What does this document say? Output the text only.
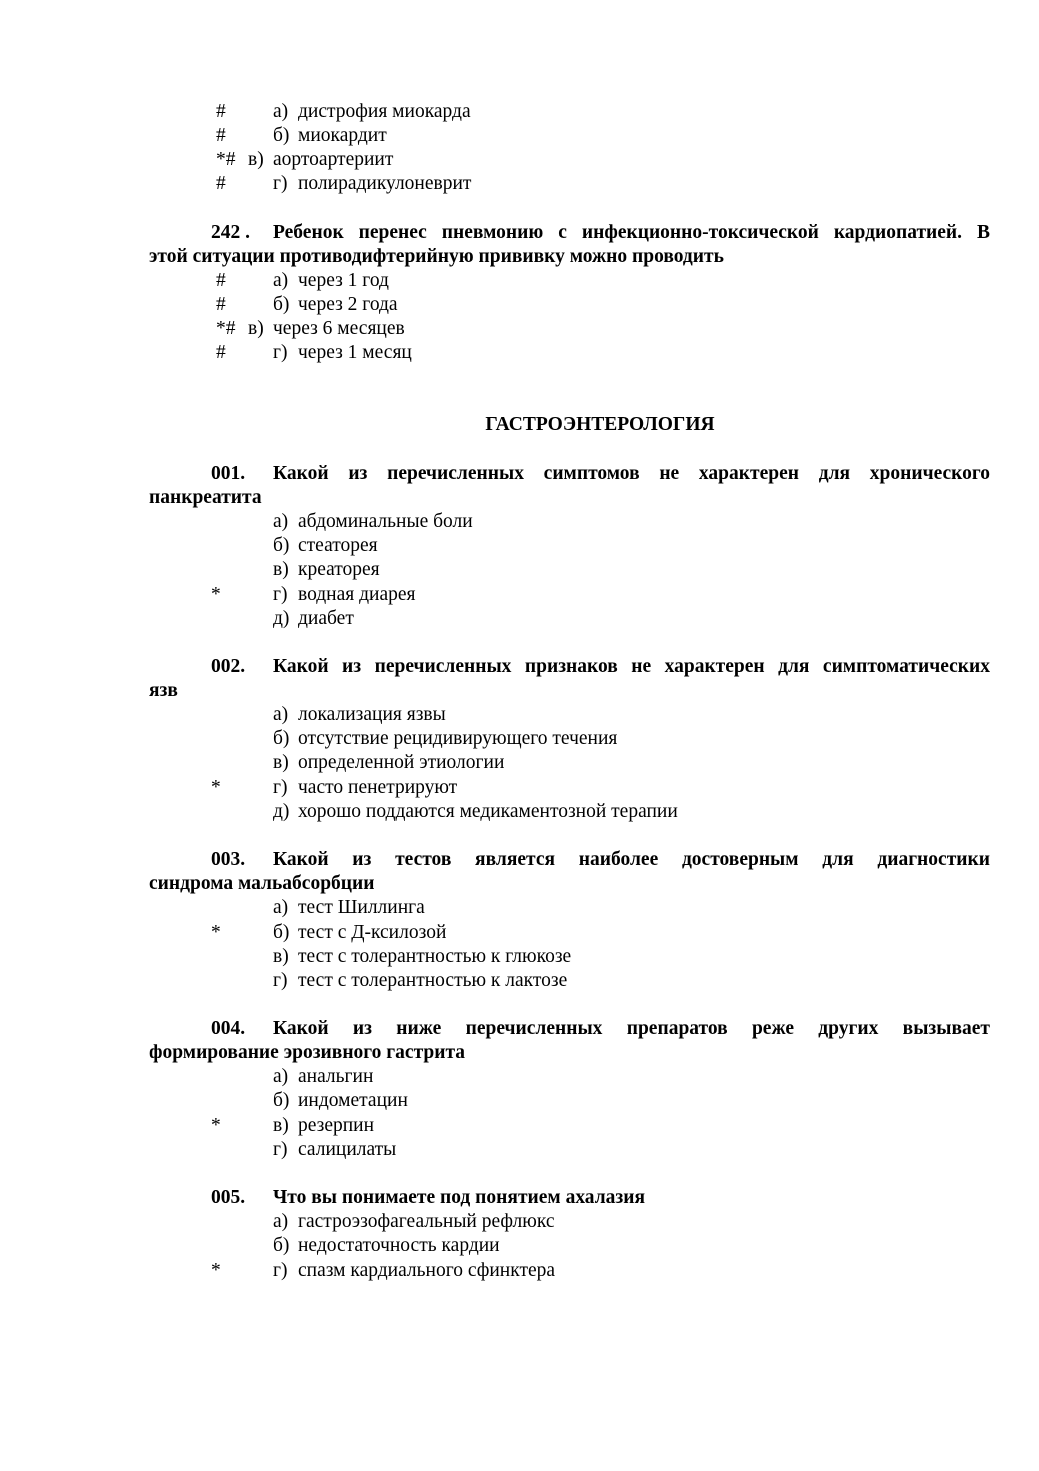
# а) дистрофия миокарда
# б) миокардит
*# в) аортоартериит
# г) полирадикулоневрит
242 . Ребенок перенес пневмонию с инфекционно-токсической кардиопатией. В
этой ситуации противодифтерийную прививку можно проводить
# а) через 1 год
# б) через 2 года
*# в) через 6 месяцев
# г) через 1 месяц
ГАСТРОЭНТЕРОЛОГИЯ
001. Какой из перечисленных симптомов не характерен для хронического
панкреатита
а) абдоминальные боли
б) стеаторея
в) креаторея
*	г) водная диарея
д) диабет
002. Какой из перечисленных признаков не характерен для симптоматических
язв
а) локализация язвы
б) отсутствие рецидивирующего течения
в) определенной этиологии
*	г) часто пенетрируют
д) хорошо поддаются медикаментозной терапии
003. Какой из тестов является наиболее достоверным для диагностики
синдрома мальабсорбции
а) тест Шиллинга
*	б) тест с Д-ксилозой
в) тест с толерантностью к глюкозе
г) тест с толерантностью к лактозе
004. Какой из ниже перечисленных препаратов реже других вызывает
формирование эрозивного гастрита
а) анальгин
б) индометацин
*	в) резерпин
г) салицилаты
005. Что вы понимаете под понятием ахалазия
а) гастроэзофагеальный рефлюкс
б) недостаточность кардии
*	г) спазм кардиального сфинктера
